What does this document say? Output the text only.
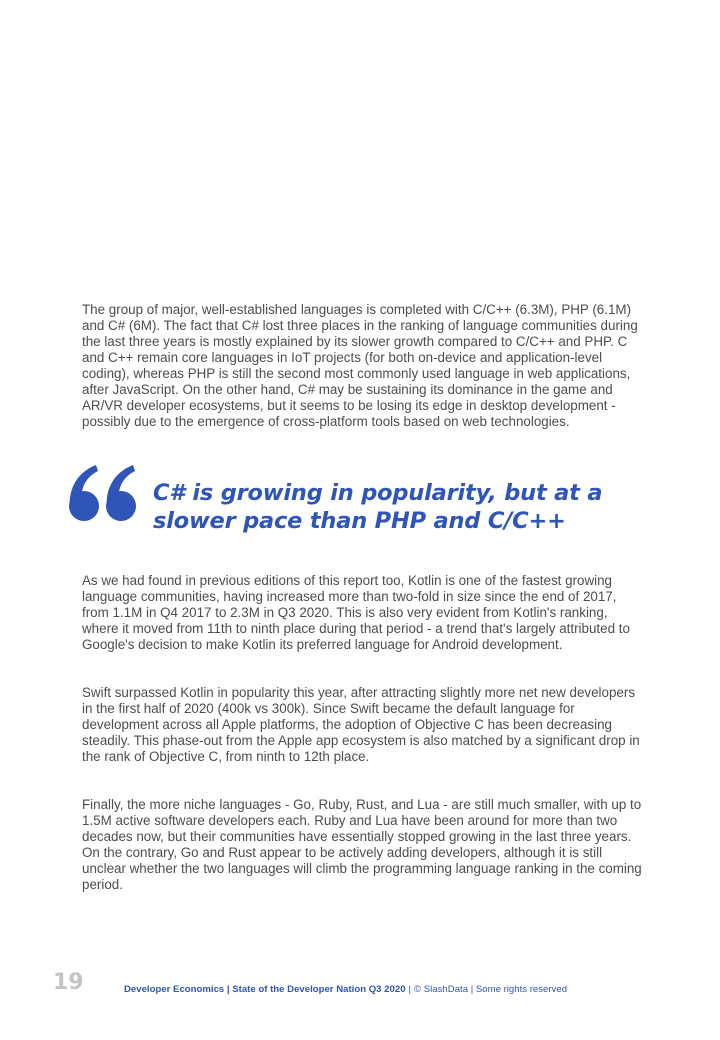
The group of major, well-established languages is completed with C/C++ (6.3M), PHP (6.1M) and C# (6M). The fact that C# lost three places in the ranking of language communities during the last three years is mostly explained by its slower growth compared to C/C++ and PHP. C and C++ remain core languages in IoT projects (for both on-device and application-level coding), whereas PHP is still the second most commonly used language in web applications, after JavaScript. On the other hand, C# may be sustaining its dominance in the game and AR/VR developer ecosystems, but it seems to be losing its edge in desktop development - possibly due to the emergence of cross-platform tools based on web technologies.

C# is growing in popularity, but at a slower pace than PHP and C/C++

As we had found in previous editions of this report too, Kotlin is one of the fastest growing language communities, having increased more than two-fold in size since the end of 2017, from 1.1M in Q4 2017 to 2.3M in Q3 2020. This is also very evident from Kotlin's ranking, where it moved from 11th to ninth place during that period - a trend that's largely attributed to Google's decision to make Kotlin its preferred language for Android development.

Swift surpassed Kotlin in popularity this year, after attracting slightly more net new developers in the first half of 2020 (400k vs 300k). Since Swift became the default language for development across all Apple platforms, the adoption of Objective C has been decreasing steadily. This phase-out from the Apple app ecosystem is also matched by a significant drop in the rank of Objective C, from ninth to 12th place.

Finally, the more niche languages - Go, Ruby, Rust, and Lua - are still much smaller, with up to 1.5M active software developers each. Ruby and Lua have been around for more than two decades now, but their communities have essentially stopped growing in the last three years. On the contrary, Go and Rust appear to be actively adding developers, although it is still unclear whether the two languages will climb the programming language ranking in the coming period.

19	Developer Economics | State of the Developer Nation Q3 2020 | © SlashData | Some rights reserved
